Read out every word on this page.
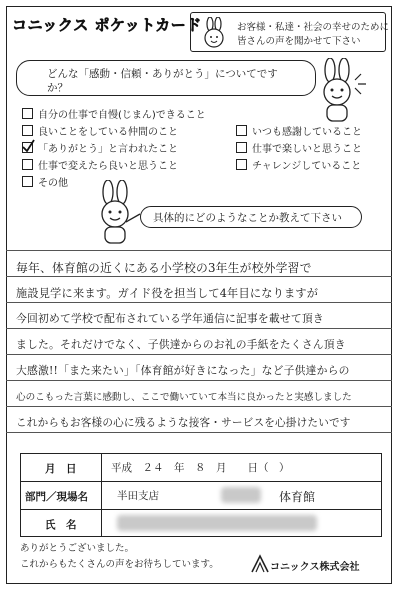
コニックス ポケットカード	お客様・私達・社会の幸せのために
皆さんの声を聞かせて下さい
どんな「感動・信頼・ありがとう」についてです
か？
自分の仕事で自慢(じまん)できること
良いことをしている仲間のこと	いつも感謝していること
「ありがとう」と言われたこと	仕事で楽しいと思うこと
仕事で変えたら良いと思うこと	チャレンジしていること
その他
具体的にどのようなことか教えて下さい
毎年、体育館の近くにある小学校の3年生が校外学習で
施設見学に来ます。ガイド役を担当して4年目になりますが
今回初めて学校で配布されている学年通信に記事を載せて頂き
ました。それだけでなく、子供達からのお礼の手紙をたくさん頂き
大感激!!「また来たい」「体育館が好きになった」など子供達からの
心のこもった言葉に感動し、ここで働いていて本当に良かったと実感しました
これからもお客様の心に残るような接客・サービスを心掛けたいです
月　日	平成　２４　年　８　月　　日（　）
部門／現場名	半田支店	体育館
氏　名
ありがとうございました。
これからもたくさんの声をお待ちしています。	コニックス株式会社
